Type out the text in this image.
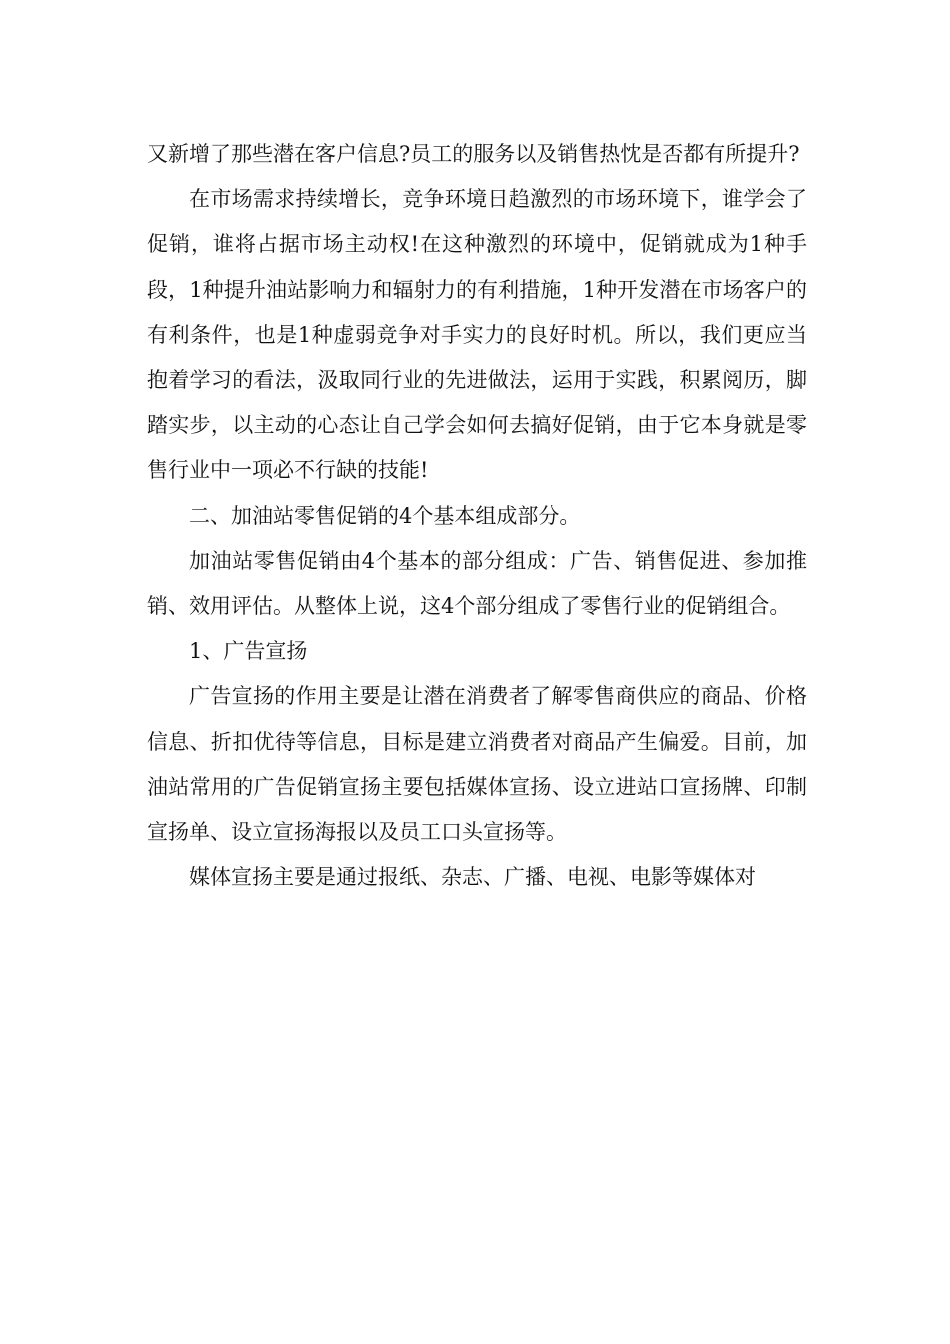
又新增了那些潜在客户信息?员工的服务以及销售热忱是否都有所提升?

在市场需求持续增长，竞争环境日趋激烈的市场环境下，谁学会了促销，谁将占据市场主动权!在这种激烈的环境中，促销就成为1种手段，1种提升油站影响力和辐射力的有利措施，1种开发潜在市场客户的有利条件，也是1种虚弱竞争对手实力的良好时机。所以，我们更应当抱着学习的看法，汲取同行业的先进做法，运用于实践，积累阅历，脚踏实步，以主动的心态让自己学会如何去搞好促销，由于它本身就是零售行业中一项必不行缺的技能!

二、加油站零售促销的4个基本组成部分。

加油站零售促销由4个基本的部分组成：广告、销售促进、参加推销、效用评估。从整体上说，这4个部分组成了零售行业的促销组合。

1、广告宣扬

广告宣扬的作用主要是让潜在消费者了解零售商供应的商品、价格信息、折扣优待等信息，目标是建立消费者对商品产生偏爱。目前，加油站常用的广告促销宣扬主要包括媒体宣扬、设立进站口宣扬牌、印制宣扬单、设立宣扬海报以及员工口头宣扬等。

媒体宣扬主要是通过报纸、杂志、广播、电视、电影等媒体对
